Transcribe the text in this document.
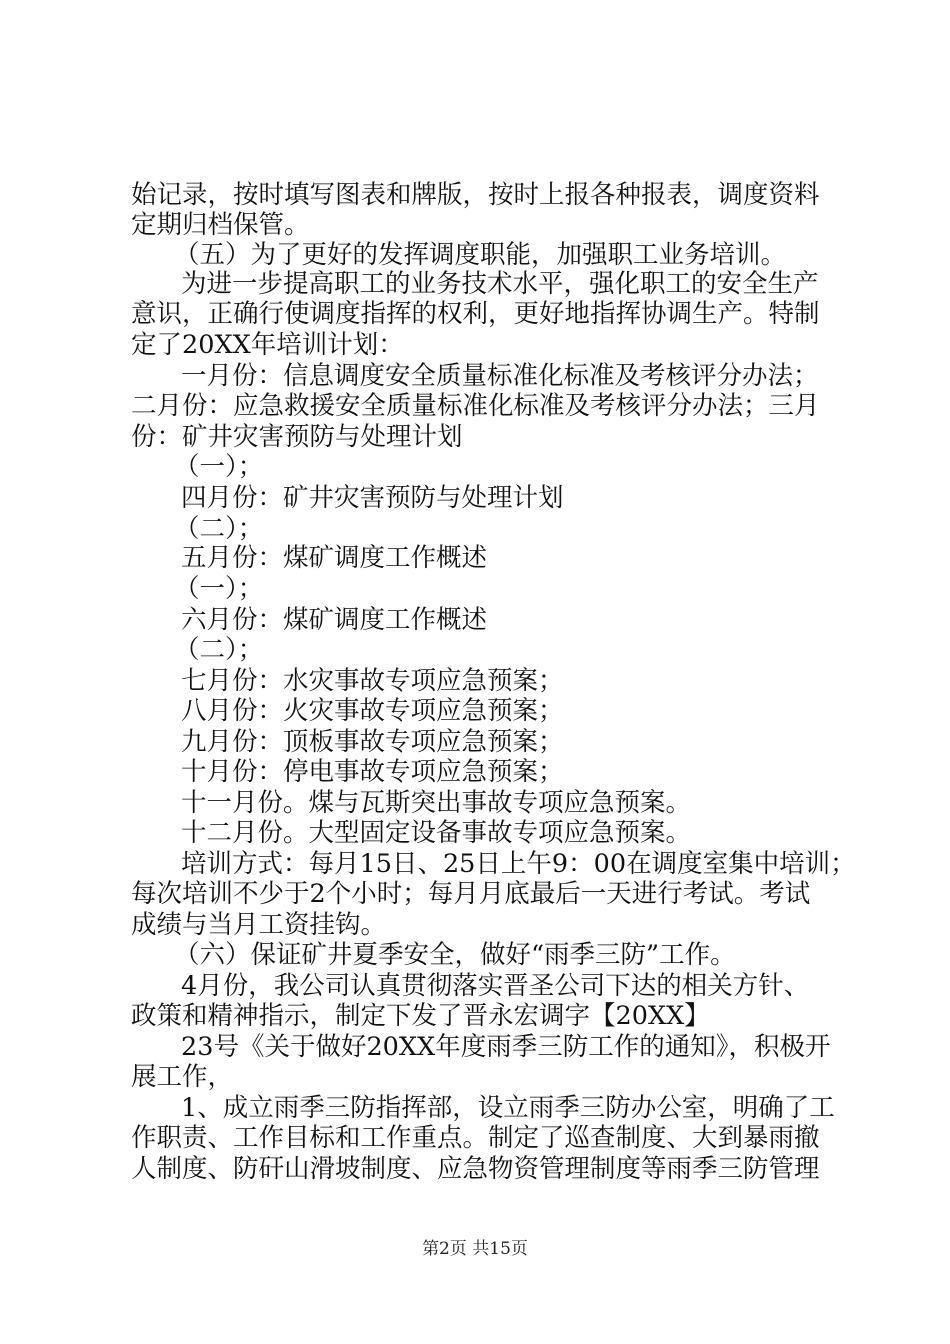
始记录，按时填写图表和牌版，按时上报各种报表，调度资料

定期归档保管。

（五）为了更好的发挥调度职能，加强职工业务培训。

为进一步提高职工的业务技术水平，强化职工的安全生产

意识，正确行使调度指挥的权利，更好地指挥协调生产。特制

定了20XX年培训计划：

一月份：信息调度安全质量标准化标准及考核评分办法；

二月份：应急救援安全质量标准化标准及考核评分办法；三月

份：矿井灾害预防与处理计划

（一）；

四月份：矿井灾害预防与处理计划

（二）；

五月份：煤矿调度工作概述

（一）；

六月份：煤矿调度工作概述

（二）；

七月份：水灾事故专项应急预案；

八月份：火灾事故专项应急预案；

九月份：顶板事故专项应急预案；

十月份：停电事故专项应急预案；

十一月份。煤与瓦斯突出事故专项应急预案。

十二月份。大型固定设备事故专项应急预案。

培训方式：每月15日、25日上午9：00在调度室集中培训；

每次培训不少于2个小时；每月月底最后一天进行考试。考试

成绩与当月工资挂钩。

（六）保证矿井夏季安全，做好“雨季三防”工作。

4月份，我公司认真贯彻落实晋圣公司下达的相关方针、

政策和精神指示，制定下发了晋永宏调字【20XX】

23号《关于做好20XX年度雨季三防工作的通知》，积极开

展工作，

1、成立雨季三防指挥部，设立雨季三防办公室，明确了工

作职责、工作目标和工作重点。制定了巡查制度、大到暴雨撤

人制度、防矸山滑坡制度、应急物资管理制度等雨季三防管理

第2页 共15页
